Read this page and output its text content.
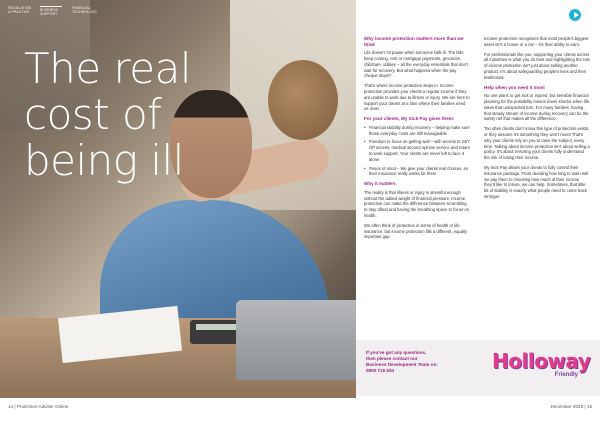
REGULATION & PRACTICE
BUSINESS SUPPORT
FINANCIAL TECHNOLOGY
The real
cost of
being ill
Why income protection matters more than we think

Life doesn't hit pause when someone falls ill. The bills keep coming, rent or mortgage payments, groceries, childcare, utilities – all the everyday essentials that don't wait for recovery. But what happens when the pay cheque stops?

That's where income protection steps in. Income protection provides your clients a regular income if they are unable to work due to illness or injury. We are here to support your clients at a time where their families need us most.

For your clients, My Sick Pay gives them:
• Financial stability during recovery – helping make sure those everyday costs are still manageable
• Freedom to focus on getting well – with access to 24/7 GP access, medical second opinion service and return to work support. Your clients are never left to face it alone
• Peace of mind – We give your clients real choices, so their insurance really works for them
Why it matters

The reality is that illness or injury is stressful enough without the added weight of financial pressure. Income protection can make the difference between scrambling to stay afloat and having the breathing space to focus on health.

We often think of protection in terms of health or life insurance, but income protection fills a different, equally important gap.

Income protection recognises that most people's biggest asset isn't a house or a car – it's their ability to earn.

For professionals like you, supporting your clients across all industries is what you do best and highlighting the role of income protection isn't just about selling another product. It's about safeguarding people's lives and their livelihoods.

Help when you need it most

No one plans to get sick or injured, but sensible financial planning for the possibility means fewer shocks when life takes that unexpected turn. For many families, having that steady stream of income during recovery can be the safety net that makes all the difference.

Too often clients don't know this type of protection exists, or they assume it's something they won't need! That's why your clients rely on you to raise the subject, every time. Talking about income protection isn't about selling a policy. It's about ensuring your clients fully understand the risk of losing their income.

My Sick Pay allows your clients to fully control their insurance package. From deciding how long to wait until we pay them to choosing how much of their income they'd like to insure, we can help. Sometimes, that little bit of stability is exactly what people need to come back stronger.

If you've got any questions,
then please contact our
Business Development Team on:
0800 716 654	Holloway
Friendly
14 | Protection Adviser Online	December 2025 | 15
